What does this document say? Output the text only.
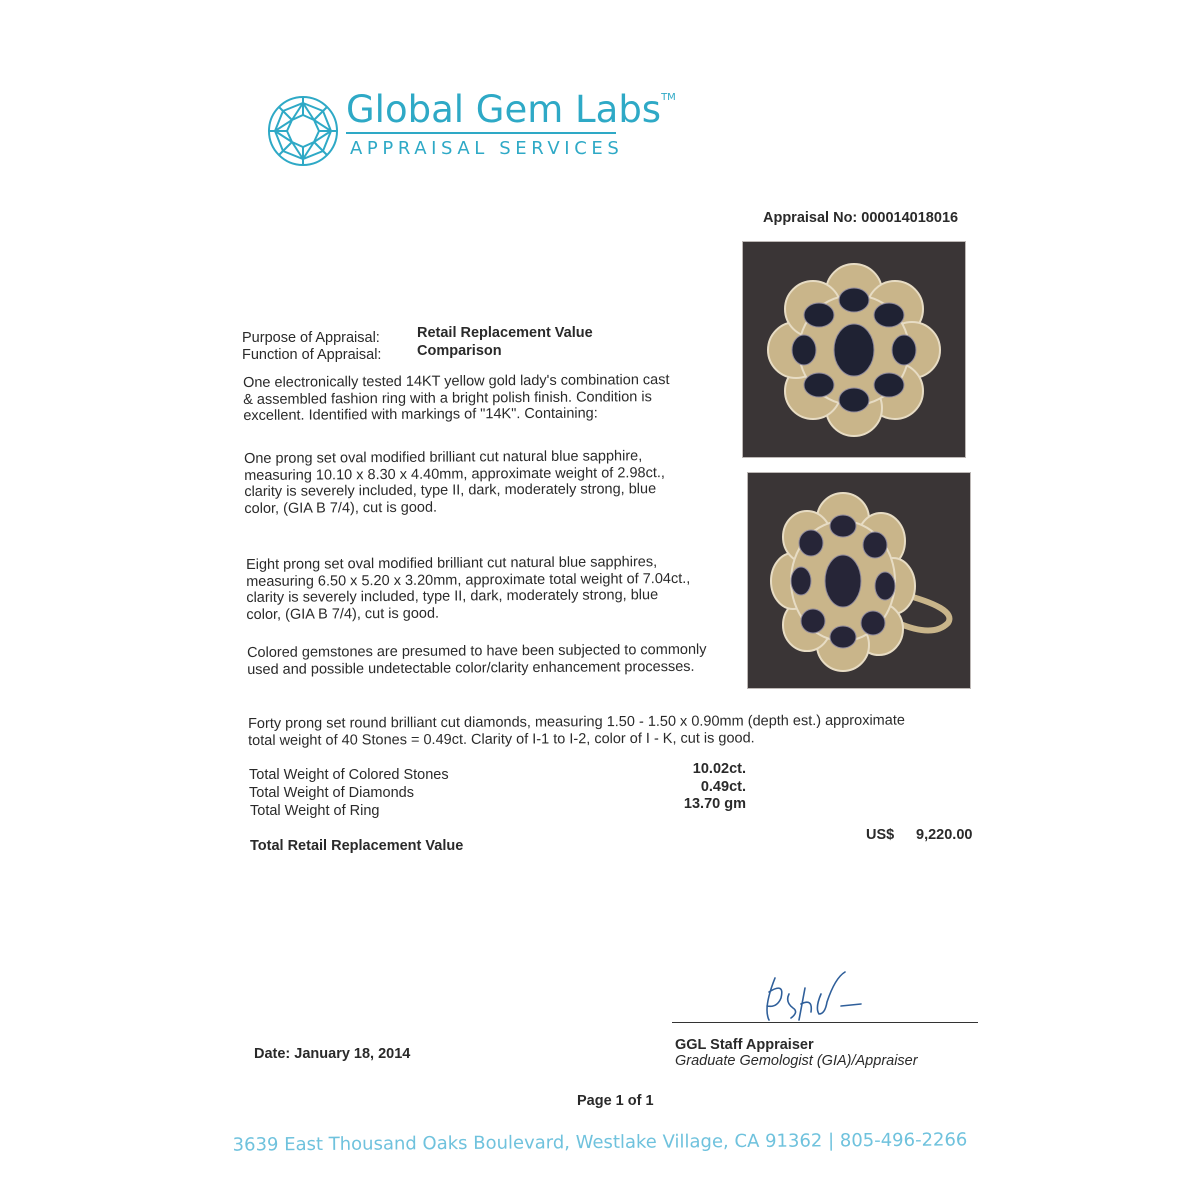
Global Gem Labs™
APPRAISAL SERVICES
Appraisal No: 000014018016
Purpose of Appraisal:	Retail Replacement Value
Function of Appraisal: Comparison
One electronically tested 14KT yellow gold lady's combination cast
& assembled fashion ring with a bright polish finish. Condition is
excellent. Identified with markings of "14K". Containing:
One prong set oval modified brilliant cut natural blue sapphire,
measuring 10.10 x 8.30 x 4.40mm, approximate weight of 2.98ct.,
clarity is severely included, type II, dark, moderately strong, blue
color, (GIA B 7/4), cut is good.
Eight prong set oval modified brilliant cut natural blue sapphires,
measuring 6.50 x 5.20 x 3.20mm, approximate total weight of 7.04ct.,
clarity is severely included, type II, dark, moderately strong, blue
color, (GIA B 7/4), cut is good.
Colored gemstones are presumed to have been subjected to commonly
used and possible undetectable color/clarity enhancement processes.
Forty prong set round brilliant cut diamonds, measuring 1.50 - 1.50 x 0.90mm (depth est.) approximate
total weight of 40 Stones = 0.49ct. Clarity of I-1 to I-2, color of I - K, cut is good.
Total Weight of Colored Stones
Total Weight of Diamonds
Total Weight of Ring
10.02ct.
0.49ct.
13.70 gm
Total Retail Replacement Value
US$ 9,220.00
Date: January 18, 2014
GGL Staff Appraiser
Graduate Gemologist (GIA)/Appraiser
Page 1 of 1
3639 East Thousand Oaks Boulevard, Westlake Village, CA 91362 | 805-496-2266
